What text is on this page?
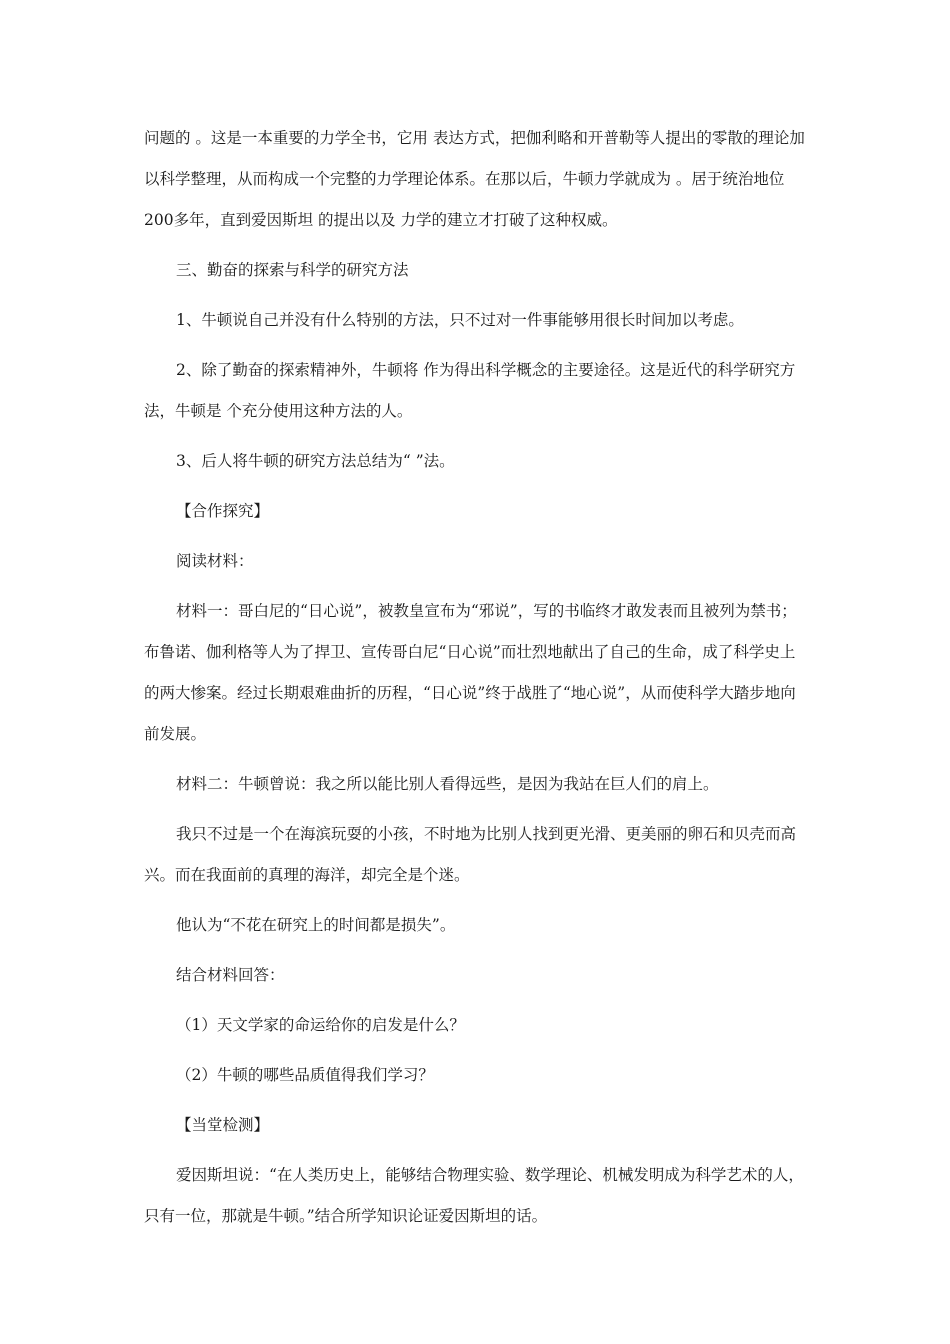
问题的 。这是一本重要的力学全书，它用 表达方式，把伽利略和开普勒等人提出的零散的理论加以科学整理，从而构成一个完整的力学理论体系。在那以后，牛顿力学就成为 。居于统治地位200多年，直到爱因斯坦 的提出以及 力学的建立才打破了这种权威。

三、勤奋的探索与科学的研究方法

1、牛顿说自己并没有什么特别的方法，只不过对一件事能够用很长时间加以考虑。

2、除了勤奋的探索精神外，牛顿将 作为得出科学概念的主要途径。这是近代的科学研究方法，牛顿是 个充分使用这种方法的人。

3、后人将牛顿的研究方法总结为“ ”法。

【合作探究】

阅读材料：

材料一：哥白尼的“日心说”，被教皇宣布为“邪说”，写的书临终才敢发表而且被列为禁书；布鲁诺、伽利格等人为了捍卫、宣传哥白尼“日心说”而壮烈地献出了自己的生命，成了科学史上的两大惨案。经过长期艰难曲折的历程，“日心说”终于战胜了“地心说”，从而使科学大踏步地向前发展。

材料二：牛顿曾说：我之所以能比别人看得远些，是因为我站在巨人们的肩上。

我只不过是一个在海滨玩耍的小孩，不时地为比别人找到更光滑、更美丽的卵石和贝壳而高兴。而在我面前的真理的海洋，却完全是个迷。

他认为“不花在研究上的时间都是损失”。

结合材料回答：

（1）天文学家的命运给你的启发是什么？

（2）牛顿的哪些品质值得我们学习？

【当堂检测】

爱因斯坦说：“在人类历史上，能够结合物理实验、数学理论、机械发明成为科学艺术的人，只有一位，那就是牛顿。”结合所学知识论证爱因斯坦的话。
